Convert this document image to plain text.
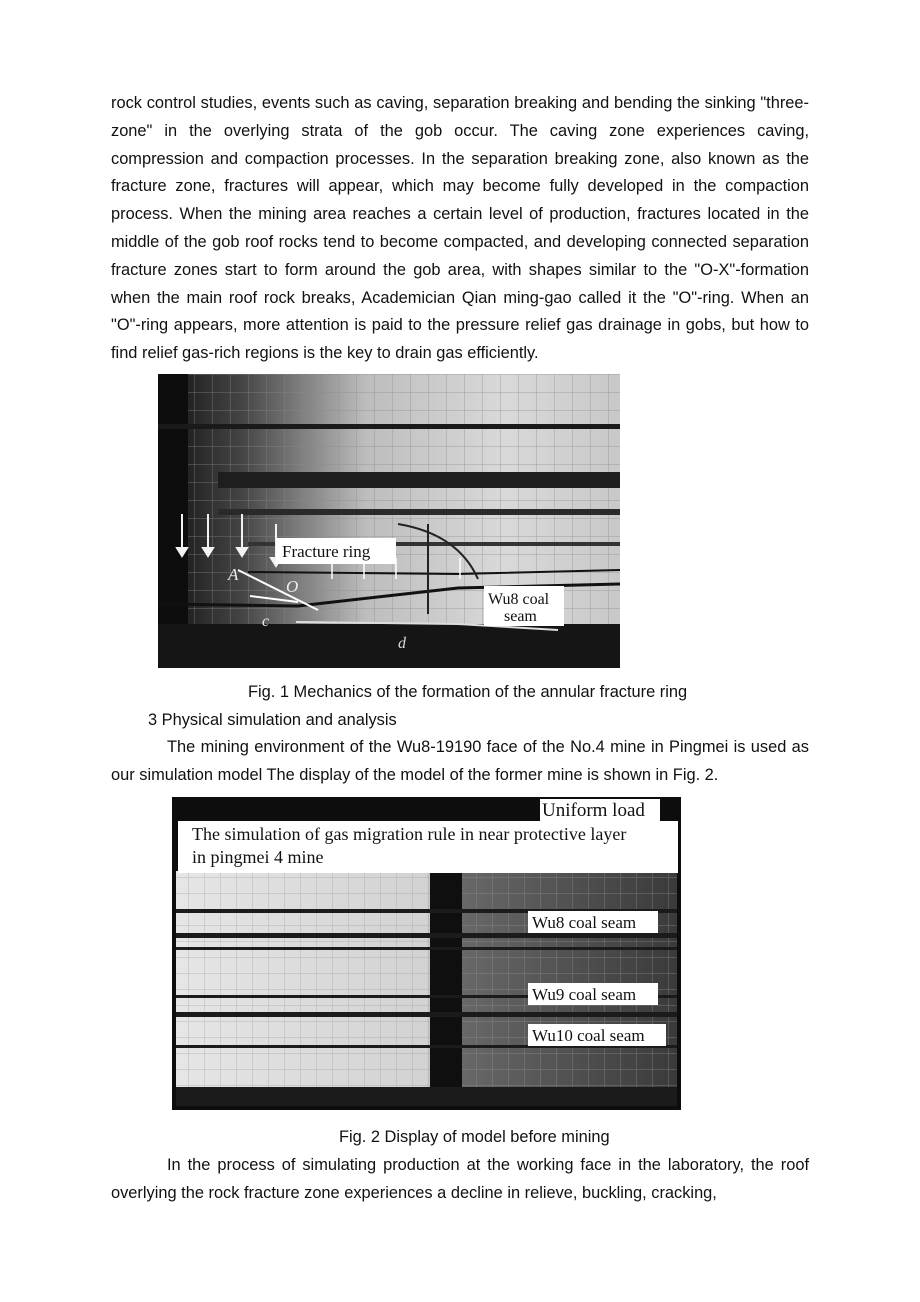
rock control studies, events such as caving, separation breaking and bending the sinking "three-zone" in the overlying strata of the gob occur. The caving zone experiences caving, compression and compaction processes. In the separation breaking zone, also known as the fracture zone, fractures will appear, which may become fully developed in the compaction process. When the mining area reaches a certain level of production, fractures located in the middle of the gob roof rocks tend to become compacted, and developing connected separation fracture zones start to form around the gob area, with shapes similar to the "O-X"-formation when the main roof rock breaks, Academician Qian ming-gao called it the "O"-ring. When an "O"-ring appears, more attention is paid to the pressure relief gas drainage in gobs, but how to find relief gas-rich regions is the key to drain gas efficiently.

Fracture ring
Wu8 coal
seam
A
O
c
d

Fig. 1 Mechanics of the formation of the annular fracture ring

3 Physical simulation and analysis

The mining environment of the Wu8-19190 face of the No.4 mine in Pingmei is used as our simulation model The display of the model of the former mine is shown in Fig. 2.

Uniform load
The simulation of gas migration rule in near protective layer
in pingmei 4 mine
Wu8 coal seam
Wu9 coal seam
Wu10 coal seam

Fig. 2 Display of model before mining

In the process of simulating production at the working face in the laboratory, the roof overlying the rock fracture zone experiences a decline in relieve, buckling, cracking,
